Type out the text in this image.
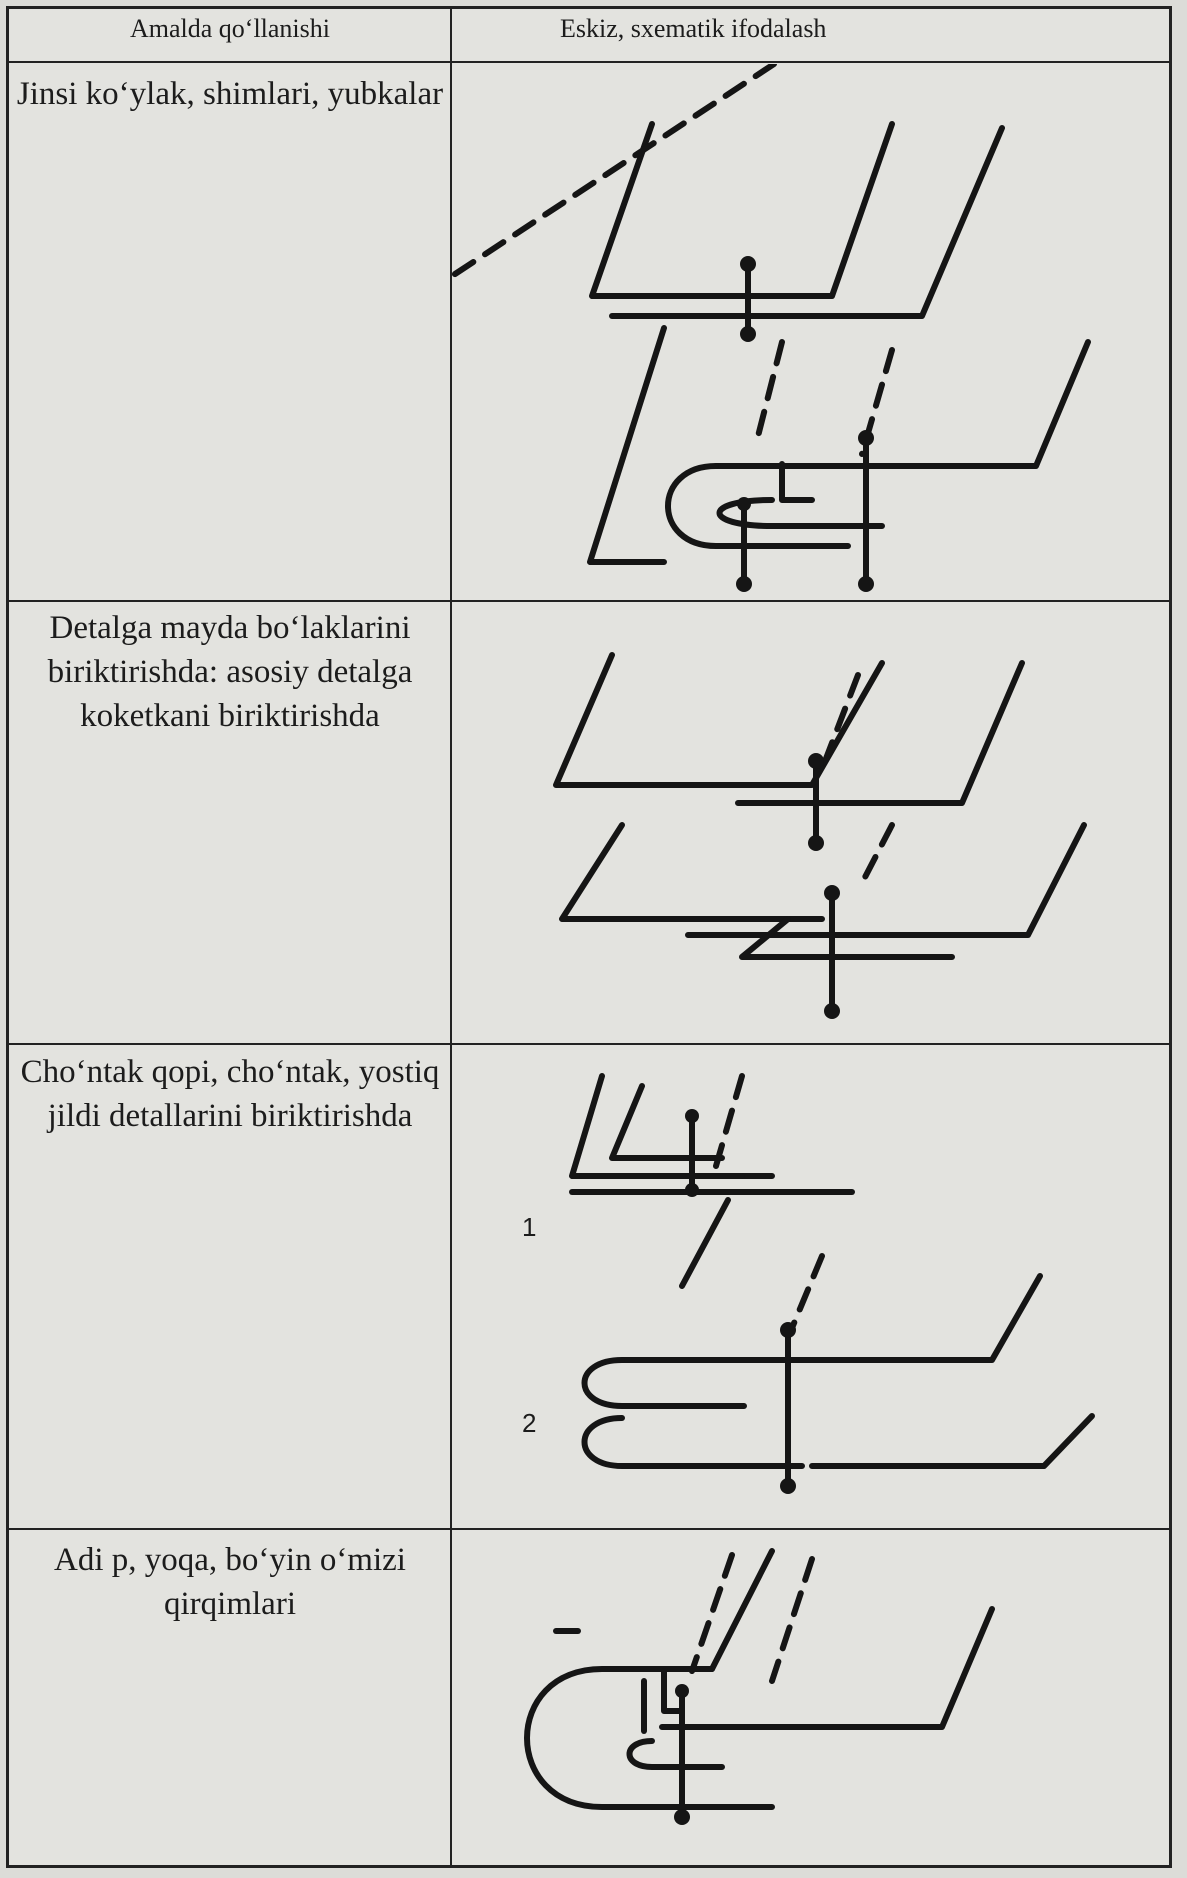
Amalda qo‘llanishi	Eskiz, sxematik ifodalash
Jinsi ko‘ylak, shimlari, yubkalar
Detalga mayda bo‘laklarini biriktirishda: asosiy detalga koketkani biriktirishda
Cho‘ntak qopi, cho‘ntak, yostiq jildi detallarini biriktirishda
Adi p, yoqa, bo‘yin o‘mizi qirqimlari
1
2
